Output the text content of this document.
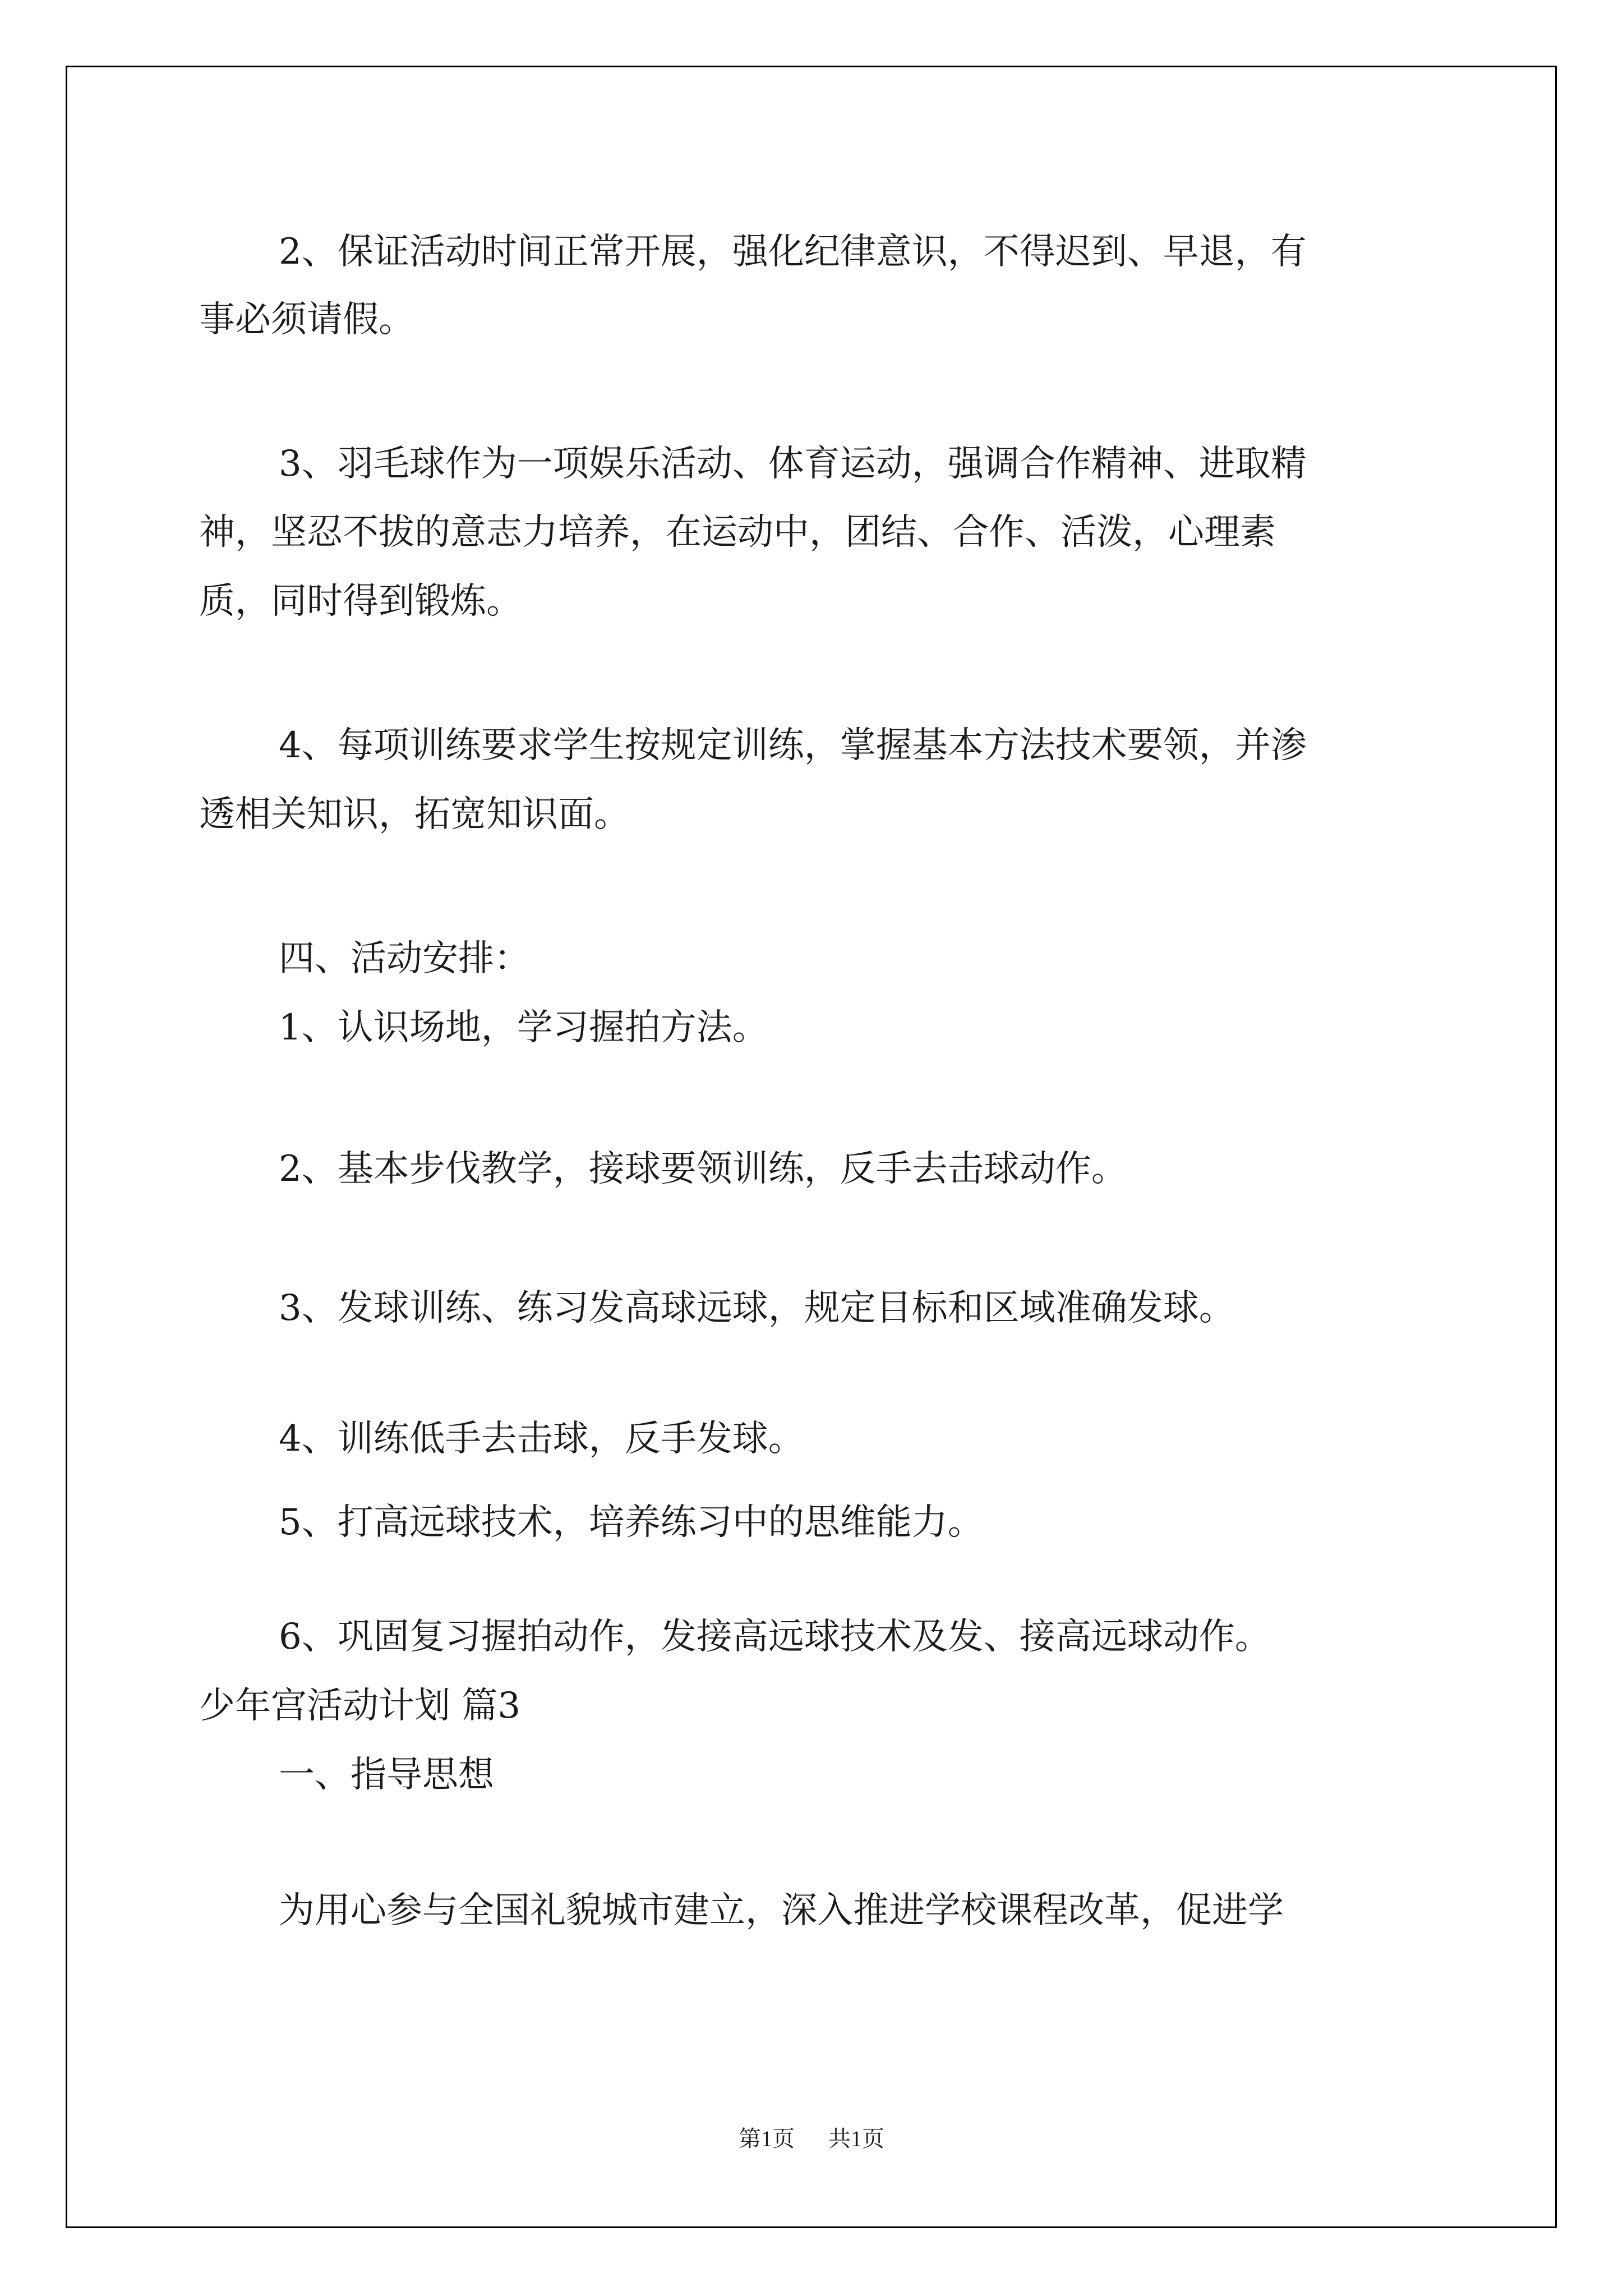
2、保证活动时间正常开展，强化纪律意识，不得迟到、早退，有
事必须请假。
3、羽毛球作为一项娱乐活动、体育运动，强调合作精神、进取精
神，坚忍不拔的意志力培养，在运动中，团结、合作、活泼，心理素
质，同时得到锻炼。
4、每项训练要求学生按规定训练，掌握基本方法技术要领，并渗
透相关知识，拓宽知识面。
四、活动安排：
1、认识场地，学习握拍方法。
2、基本步伐教学，接球要领训练，反手去击球动作。
3、发球训练、练习发高球远球，规定目标和区域准确发球。
4、训练低手去击球，反手发球。
5、打高远球技术，培养练习中的思维能力。
6、巩固复习握拍动作，发接高远球技术及发、接高远球动作。
少年宫活动计划 篇3
一、指导思想
为用心参与全国礼貌城市建立，深入推进学校课程改革，促进学
第1页 共1页
